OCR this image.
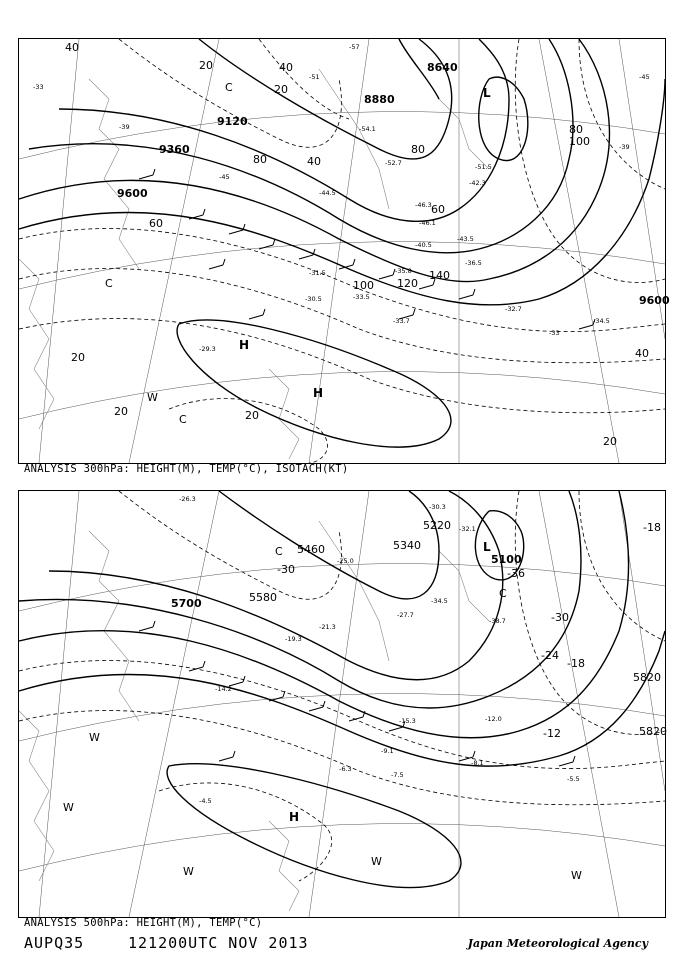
8640
8880
9120
9360
9600
9600
20
20
20
20	20
20
40
40
40
40
60
60
80
80
80
100
100 120
140
-33
-39
-45
-51
-57
-45
-39
-33
-54.1
-52.7
-44.5
-51.5
-42.3
-43.5
-46.1
-33.5
-35.8
-36.5
-32.7
-30.5
-33.7
-29.3
-34.5
-31.5
-46.3
-40.5
L
H
H
C
C
C
W
ANALYSIS 300hPa: HEIGHT(M), TEMP(°C), ISOTACH(KT)
5100
5220
5340
5460
5580
5700
5820
5820
-36
-30
-24
-18
-18
-12
-30
-30.3
-32.1
-25.0
-26.3
-34.5
-38.7
-27.7
-21.3
-19.3
-14.2
-9.1
-7.5
-8.1
-5.5
-6.3
-4.5
-12.0
-15.3
L
H
C
C
W
W
W
W
W
ANALYSIS 500hPa: HEIGHT(M), TEMP(°C)
AUPQ35	121200UTC NOV 2013	Japan Meteorological Agency
